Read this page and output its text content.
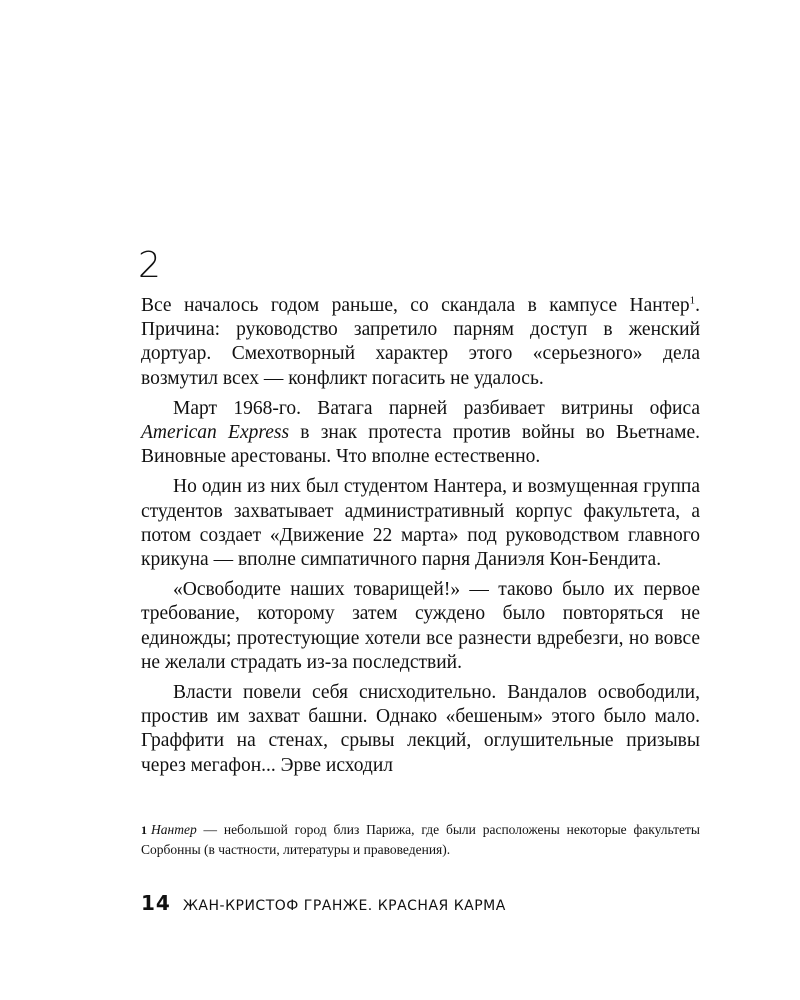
2

Все началось годом раньше, со скандала в кампусе Нантер$^1$. Причина: руководство запретило парням доступ в женский дортуар. Смехотворный характер этого «серьезного» дела возмутил всех — конфликт погасить не удалось.

Март 1968-го. Ватага парней разбивает витрины офиса American Express в знак протеста против войны во Вьетнаме. Виновные арестованы. Что вполне естественно.

Но один из них был студентом Нантера, и возмущенная группа студентов захватывает административный корпус факультета, а потом создает «Движение 22 марта» под руководством главного крикуна — вполне симпатичного парня Даниэля Кон-Бендита.

«Освободите наших товарищей!» — таково было их первое требование, которому затем суждено было повторяться не единожды; протестующие хотели все разнести вдребезги, но вовсе не желали страдать из-за последствий.

Власти повели себя снисходительно. Вандалов освободили, простив им захват башни. Однако «бешеным» этого было мало. Граффити на стенах, срывы лекций, оглушительные призывы через мегафон... Эрве исходил

1 Нантер — небольшой город близ Парижа, где были расположены некоторые факультеты Сорбонны (в частности, литературы и правоведения).
14 ЖАН-КРИСТОФ ГРАНЖЕ. КРАСНАЯ КАРМА
